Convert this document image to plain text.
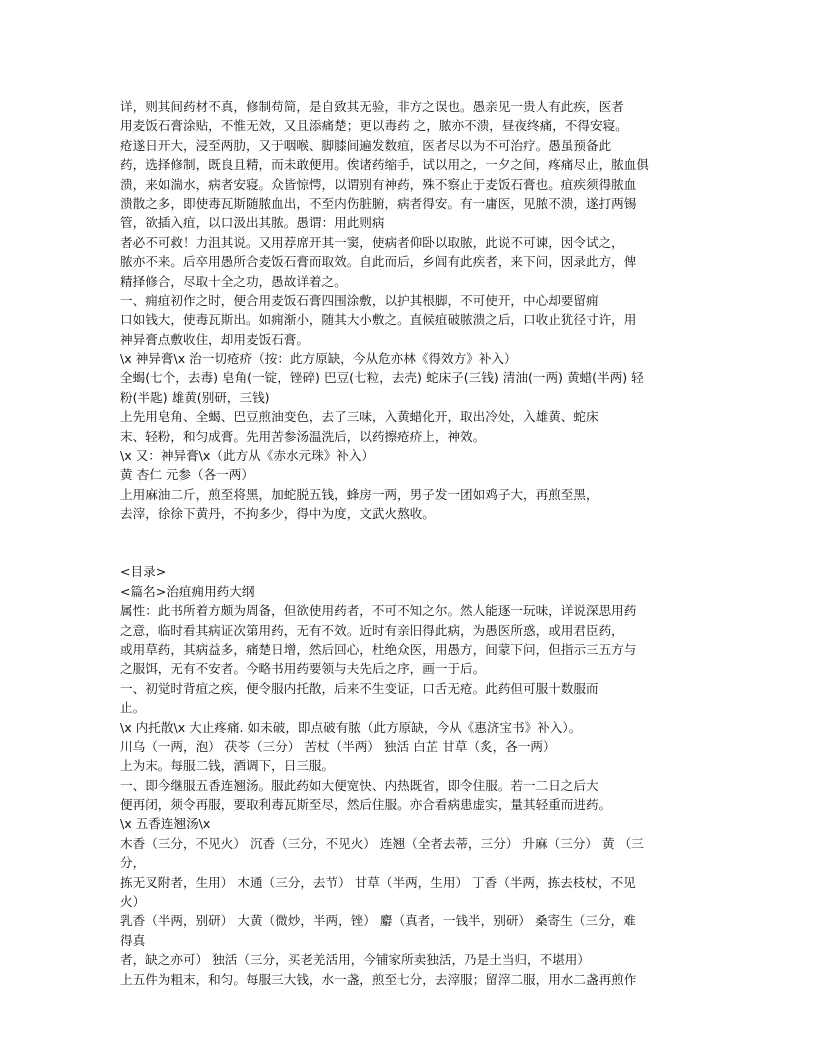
详，则其间药材不真，修制苟简，是自致其无验，非方之误也。愚亲见一贵人有此疾，医者
用麦饭石膏涂贴，不惟无效，又且添痛楚；更以毒药 之，脓亦不溃，昼夜终痛，不得安寝。
疮遂日开大，浸至两肋，又于咽喉、脚膝间遍发数疽，医者尽以为不可治疗。愚虽预备此
药，选择修制，既良且精，而未敢便用。俟诸药缩手，试以用之，一夕之间，疼痛尽止，脓血俱
溃，来如湍水，病者安寝。众皆惊愕，以谓别有神药，殊不察止于麦饭石膏也。疽疾须得脓血
溃散之多，即使毒瓦斯随脓血出，不至内伤脏腑，病者得安。有一庸医，见脓不溃，遂打两锡
管，欲插入疽，以口汲出其脓。愚谓：用此则病
者必不可救！力沮其说。又用荐席开其一窦，使病者仰卧以取脓，此说不可谏，因令试之，
脓亦不来。后卒用愚所合麦饭石膏而取效。自此而后，乡闾有此疾者，来下问，因录此方，俾
精择修合，尽取十全之功，愚故详着之。
一、痈疽初作之时，便合用麦饭石膏四围涂敷，以护其根脚，不可使开，中心却要留痈
口如钱大，使毒瓦斯出。如痈渐小，随其大小敷之。直候疽破脓溃之后，口收止犹径寸许，用
神异膏点敷收住，却用麦饭石膏。
\x 神异膏\x 治一切疮疥（按：此方原缺，今从危亦林《得效方》补入）
全蝎(七个，去毒) 皂角(一锭，锉碎) 巴豆(七粒，去壳) 蛇床子(三钱) 清油(一两) 黄蜡(半两) 轻
粉(半匙) 雄黄(别研，三钱)
上先用皂角、全蝎、巴豆煎油变色，去了三味，入黄蜡化开，取出冷处，入雄黄、蛇床
末、轻粉，和匀成膏。先用苦参汤温洗后，以药擦疮疥上，神效。
\x 又：神异膏\x（此方从《赤水元珠》补入）
黄 杏仁 元参（各一两）
上用麻油二斤，煎至将黑，加蛇脱五钱，蜂房一两，男子发一团如鸡子大，再煎至黑，
去滓，徐徐下黄丹，不拘多少，得中为度，文武火熬收。
<目录>
<篇名>治疽痈用药大纲
属性：此书所着方颇为周备，但欲使用药者，不可不知之尔。然人能逐一玩味，详说深思用药
之意，临时看其病证次第用药，无有不效。近时有亲旧得此病，为愚医所惑，或用君臣药，
或用草药，其病益多，痛楚日增，然后回心，杜绝众医，用愚方，间蒙下问，但指示三五方与
之服饵，无有不安者。今略书用药要领与夫先后之序，画一于后。
一、初觉时背疽之疾，便令服内托散，后来不生变证，口舌无疮。此药但可服十数服而
止。
\x 内托散\x 大止疼痛. 如未破，即点破有脓（此方原缺，今从《惠济宝书》补入）。
川乌（一两，泡） 茯苓（三分） 苦杖（半两） 独活 白芷 甘草（炙，各一两）
上为末。每服二钱，酒调下，日三服。
一、即今继服五香连翘汤。服此药如大便宽快、内热既省，即令住服。若一二日之后大
便再闭，须令再服，要取利毒瓦斯至尽，然后住服。亦合看病患虚实，量其轻重而进药。
\x 五香连翘汤\x
木香（三分，不见火） 沉香（三分，不见火） 连翘（全者去蒂，三分） 升麻（三分） 黄 （三
分，
拣无叉附者，生用） 木通（三分，去节） 甘草（半两，生用） 丁香（半两，拣去枝杖，不见
火）
乳香（半两，别研） 大黄（微炒，半两，锉） 麝（真者，一钱半，别研） 桑寄生（三分，难
得真
者，缺之亦可） 独活（三分，买老羌活用，今铺家所卖独活，乃是土当归，不堪用）
上五件为粗末，和匀。每服三大钱，水一盏，煎至七分，去滓服；留滓二服，用水二盏再煎作
